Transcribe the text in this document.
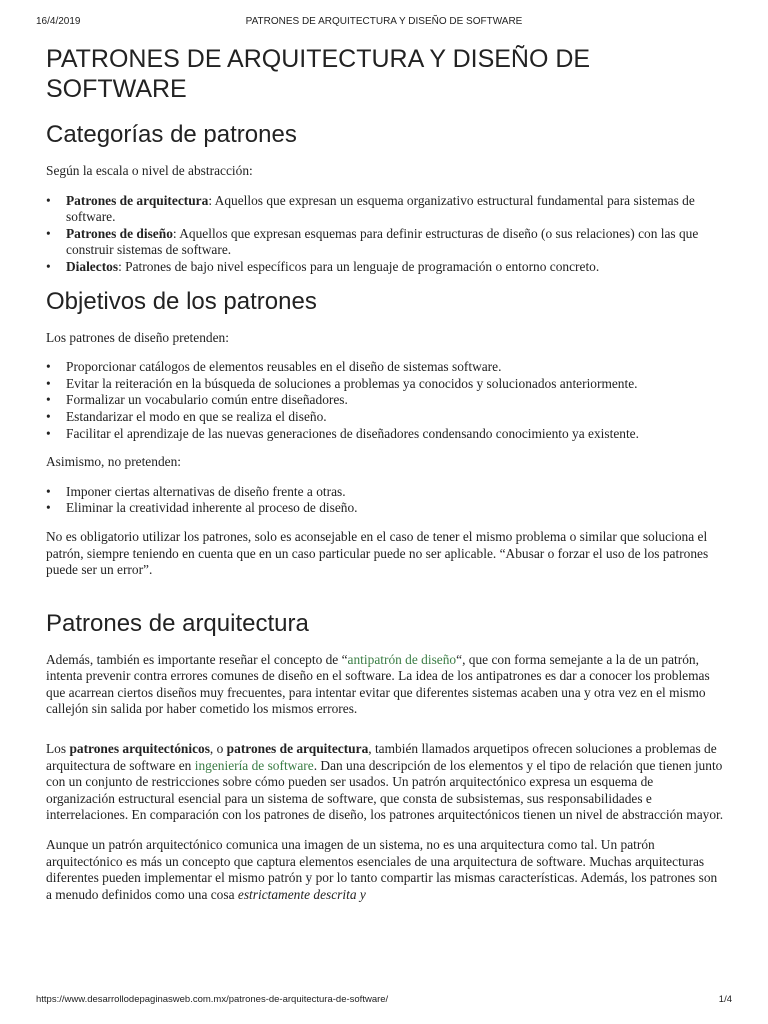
16/4/2019	PATRONES DE ARQUITECTURA Y DISEÑO DE SOFTWARE
PATRONES DE ARQUITECTURA Y DISEÑO DE SOFTWARE
Categorías de patrones

Según la escala o nivel de abstracción:

• Patrones de arquitectura: Aquellos que expresan un esquema organizativo estructural fundamental para sistemas de software.
• Patrones de diseño: Aquellos que expresan esquemas para definir estructuras de diseño (o sus relaciones) con las que construir sistemas de software.
• Dialectos: Patrones de bajo nivel específicos para un lenguaje de programación o entorno concreto.
Objetivos de los patrones

Los patrones de diseño pretenden:

• Proporcionar catálogos de elementos reusables en el diseño de sistemas software.
• Evitar la reiteración en la búsqueda de soluciones a problemas ya conocidos y solucionados anteriormente.
• Formalizar un vocabulario común entre diseñadores.
• Estandarizar el modo en que se realiza el diseño.
• Facilitar el aprendizaje de las nuevas generaciones de diseñadores condensando conocimiento ya existente.

Asimismo, no pretenden:

• Imponer ciertas alternativas de diseño frente a otras.
• Eliminar la creatividad inherente al proceso de diseño.

No es obligatorio utilizar los patrones, solo es aconsejable en el caso de tener el mismo problema o similar que soluciona el patrón, siempre teniendo en cuenta que en un caso particular puede no ser aplicable. “Abusar o forzar el uso de los patrones puede ser un error”.

Patrones de arquitectura

Además, también es importante reseñar el concepto de “antipatrón de diseño“, que con forma semejante a la de un patrón, intenta prevenir contra errores comunes de diseño en el software. La idea de los antipatrones es dar a conocer los problemas que acarrean ciertos diseños muy frecuentes, para intentar evitar que diferentes sistemas acaben una y otra vez en el mismo callejón sin salida por haber cometido los mismos errores.

Los patrones arquitectónicos, o patrones de arquitectura, también llamados arquetipos ofrecen soluciones a problemas de arquitectura de software en ingeniería de software. Dan una descripción de los elementos y el tipo de relación que tienen junto con un conjunto de restricciones sobre cómo pueden ser usados. Un patrón arquitectónico expresa un esquema de organización estructural esencial para un sistema de software, que consta de subsistemas, sus responsabilidades e interrelaciones. En comparación con los patrones de diseño, los patrones arquitectónicos tienen un nivel de abstracción mayor.

Aunque un patrón arquitectónico comunica una imagen de un sistema, no es una arquitectura como tal. Un patrón arquitectónico es más un concepto que captura elementos esenciales de una arquitectura de software. Muchas arquitecturas diferentes pueden implementar el mismo patrón y por lo tanto compartir las mismas características. Además, los patrones son a menudo definidos como una cosa estrictamente descrita y

https://www.desarrollodepaginasweb.com.mx/patrones-de-arquitectura-de-software/	1/4
